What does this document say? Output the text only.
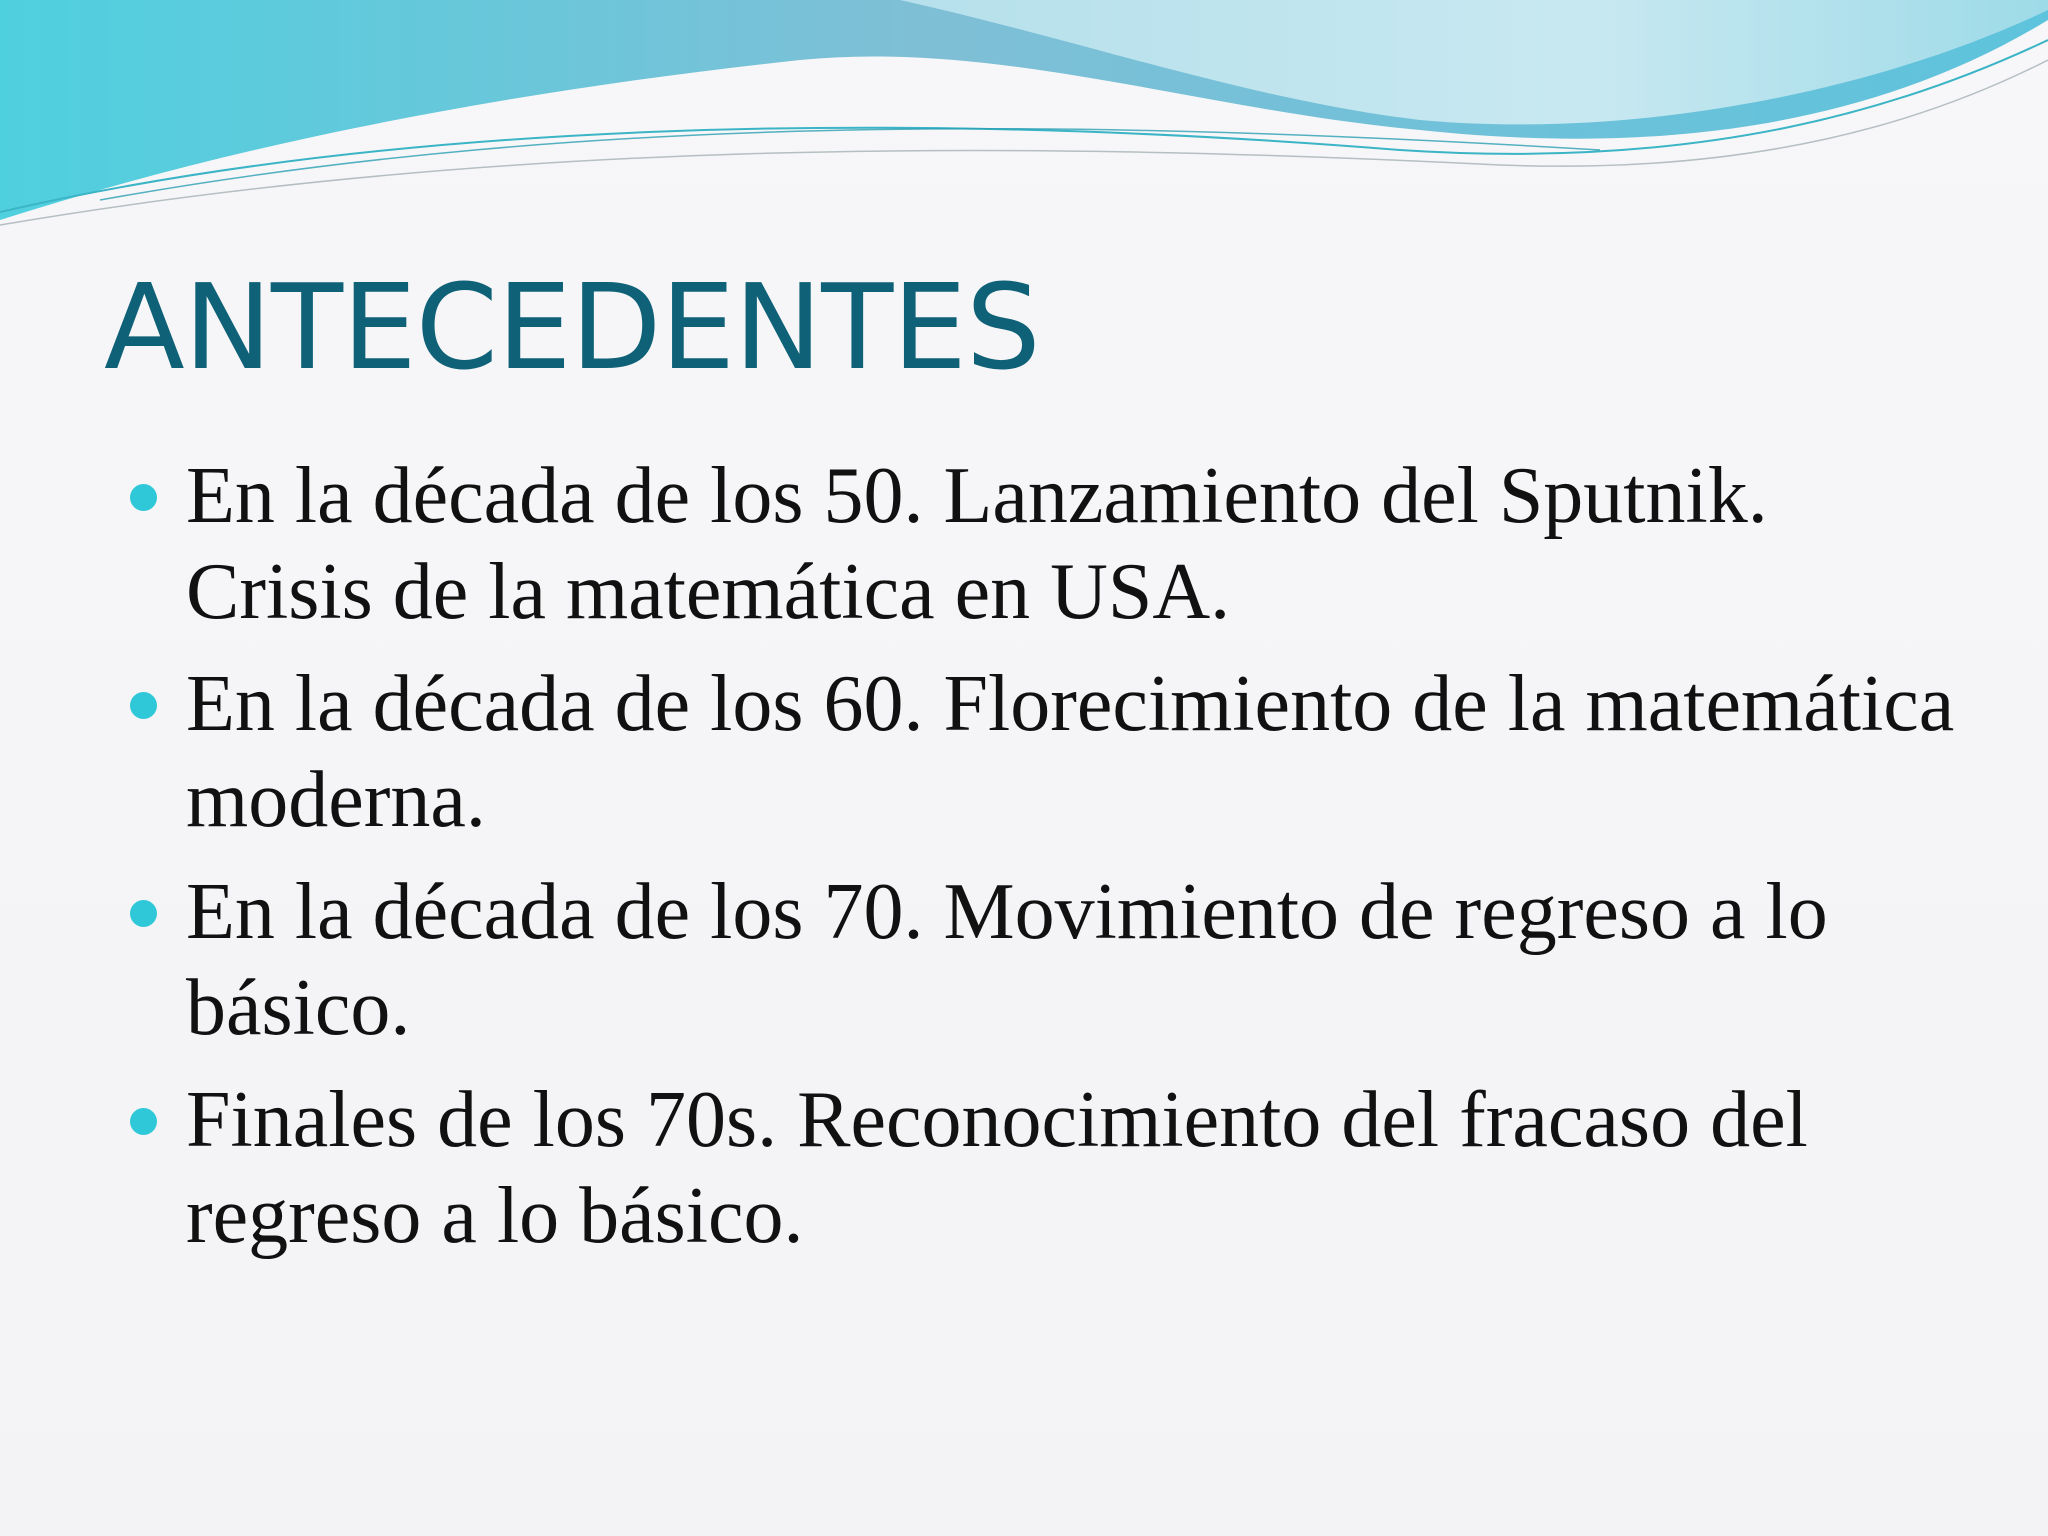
ANTECEDENTES
En la década de los 50. Lanzamiento del Sputnik. Crisis de la matemática en USA.
En la década de los 60. Florecimiento de la matemática moderna.
En la década de los 70. Movimiento de regreso a lo básico.
Finales de los 70s. Reconocimiento del fracaso del regreso a lo básico.
